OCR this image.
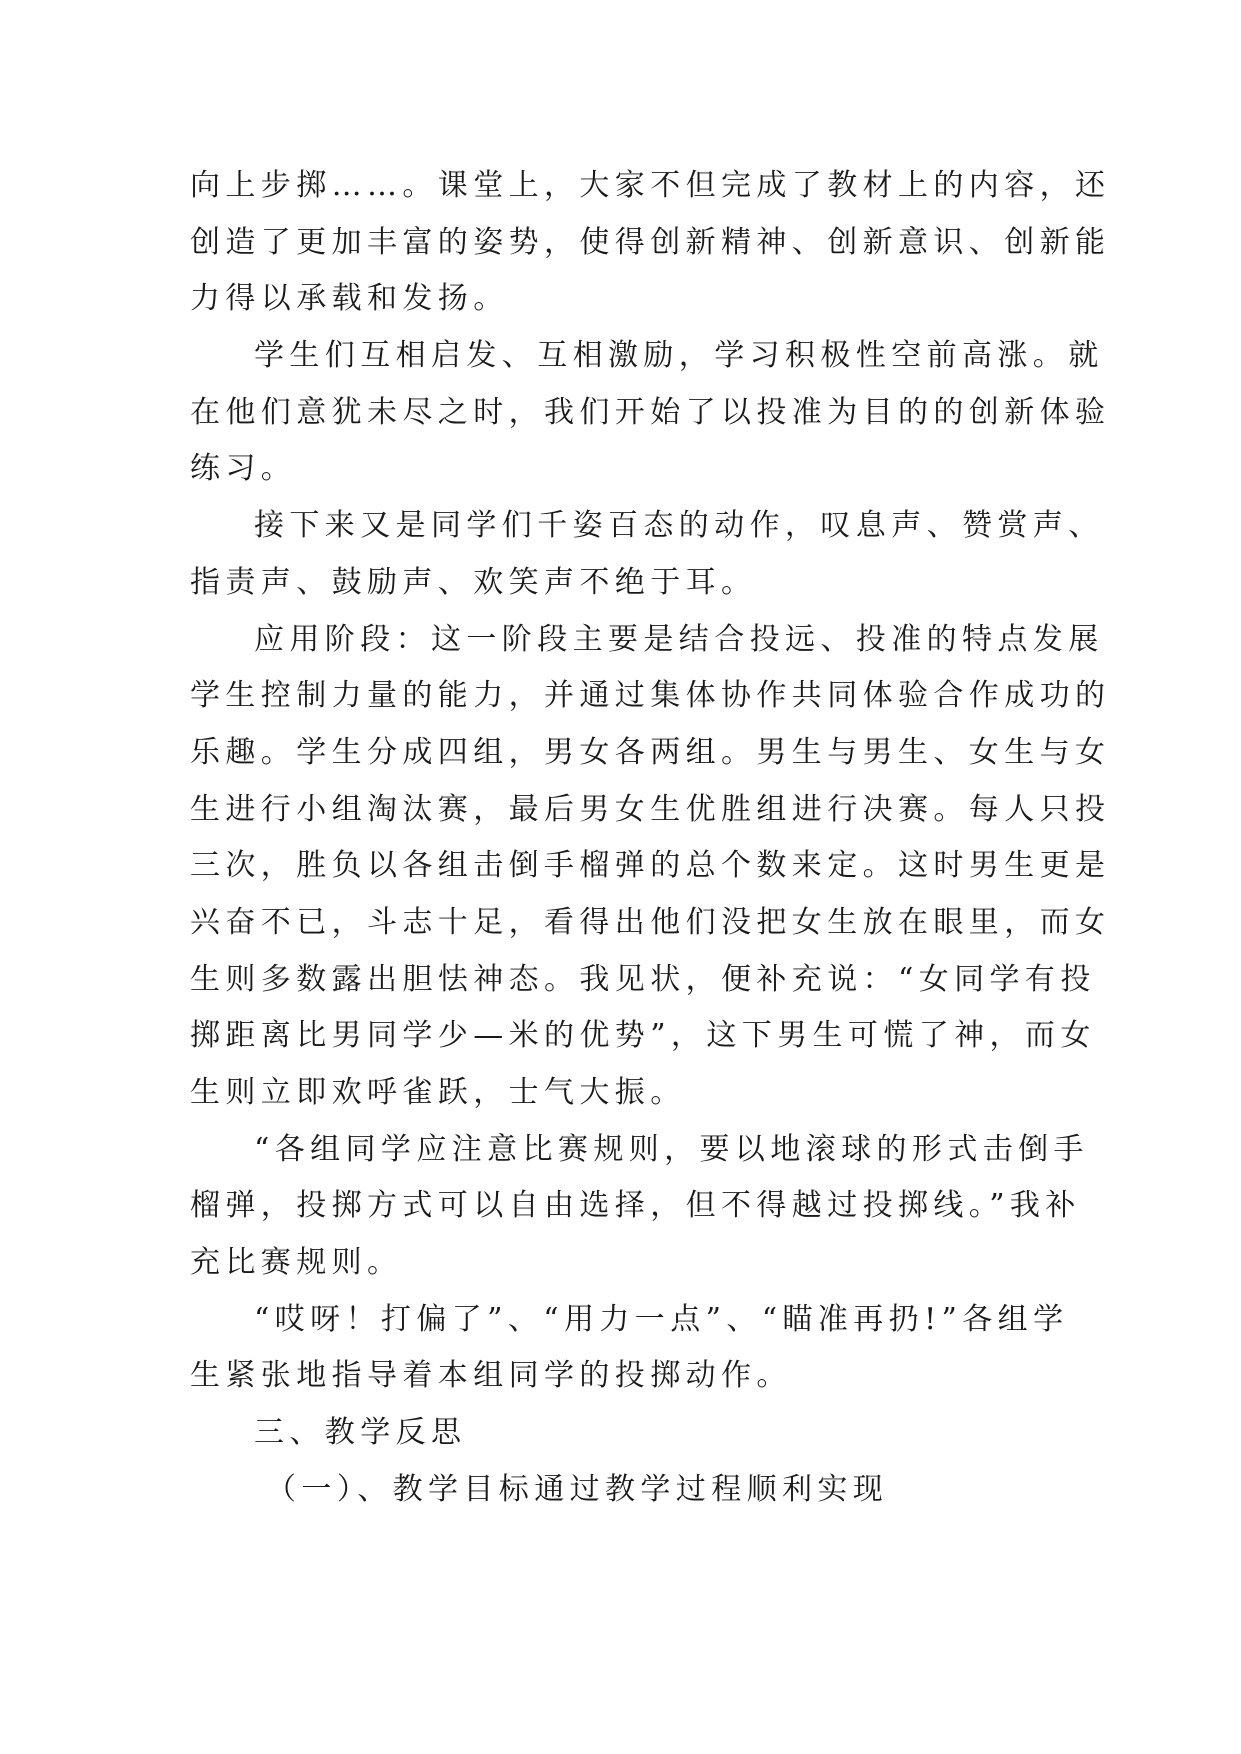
向上步掷……。课堂上，大家不但完成了教材上的内容，还
创造了更加丰富的姿势，使得创新精神、创新意识、创新能
力得以承载和发扬。
学生们互相启发、互相激励，学习积极性空前高涨。就
在他们意犹未尽之时，我们开始了以投准为目的的创新体验
练习。
接下来又是同学们千姿百态的动作，叹息声、赞赏声、
指责声、鼓励声、欢笑声不绝于耳。
应用阶段：这一阶段主要是结合投远、投准的特点发展
学生控制力量的能力，并通过集体协作共同体验合作成功的
乐趣。学生分成四组，男女各两组。男生与男生、女生与女
生进行小组淘汰赛，最后男女生优胜组进行决赛。每人只投
三次，胜负以各组击倒手榴弹的总个数来定。这时男生更是
兴奋不已，斗志十足，看得出他们没把女生放在眼里，而女
生则多数露出胆怯神态。我见状，便补充说：“女同学有投
掷距离比男同学少—米的优势”，这下男生可慌了神，而女
生则立即欢呼雀跃，士气大振。
“各组同学应注意比赛规则，要以地滚球的形式击倒手
榴弹，投掷方式可以自由选择，但不得越过投掷线。”我补
充比赛规则。
“哎呀！打偏了”、“用力一点”、“瞄准再扔!”各组学
生紧张地指导着本组同学的投掷动作。
三、教学反思
（一）、教学目标通过教学过程顺利实现
